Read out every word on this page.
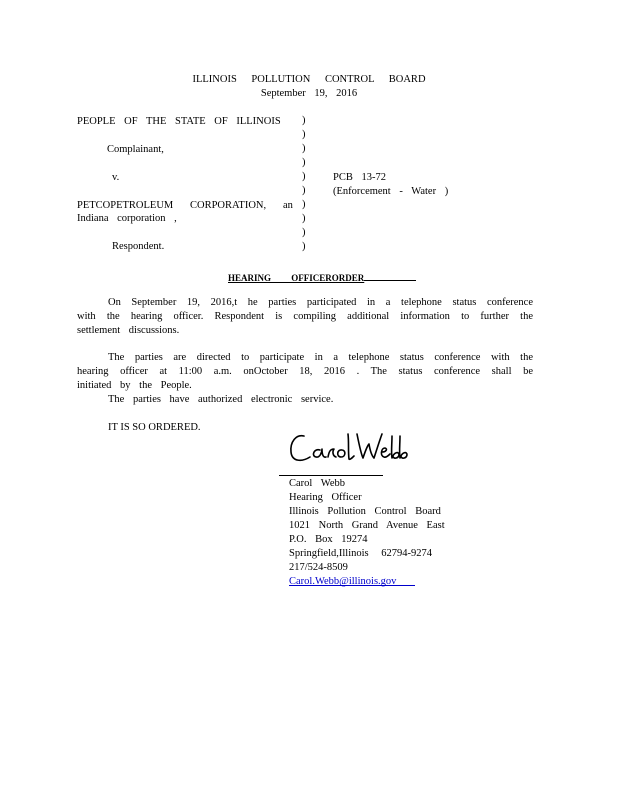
ILLINOIS POLLUTION CONTROL BOARD
September 19, 2016
PEOPLE OF THE STATE OF ILLINOIS
Complainant,
v.
PETCOPETROLEUM CORPORATION, an
Indiana corporation ,
Respondent.
)
)
)
)
)
)
)
)
)
)
PCB 13-72
(Enforcement - Water )
HEARING OFFICERORDER
On September 19, 2016,t he parties participated in a telephone status conference with the hearing officer. Respondent is compiling additional information to further the settlement discussions.
The parties are directed to participate in a telephone status conference with the hearing officer at 11:00 a.m. onOctober 18, 2016 . The status conference shall be initiated by the People.
The parties have authorized electronic service.
IT IS SO ORDERED.
Carol Webb
Hearing Officer
Illinois Pollution Control Board
1021 North Grand Avenue East
P.O. Box 19274
Springfield,Illinois 62794-9274
217/524-8509
Carol.Webb@illinois.gov
